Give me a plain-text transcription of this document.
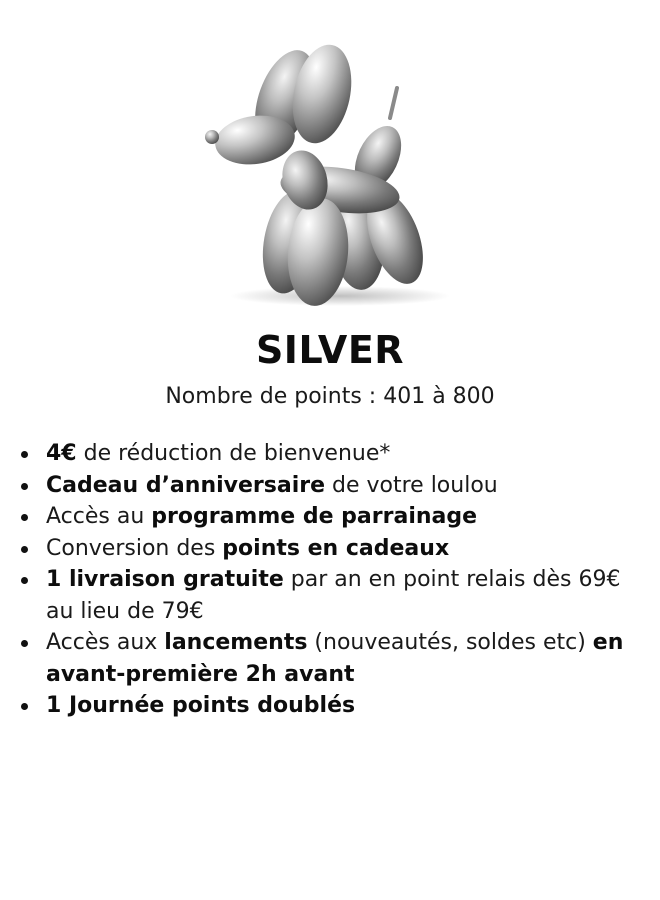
SILVER
Nombre de points : 401 à 800
4€ de réduction de bienvenue*
Cadeau d’anniversaire de votre loulou
Accès au programme de parrainage
Conversion des points en cadeaux
1 livraison gratuite par an en point relais dès 69€ au lieu de 79€
Accès aux lancements (nouveautés, soldes etc) en avant-première 2h avant
1 Journée points doublés
